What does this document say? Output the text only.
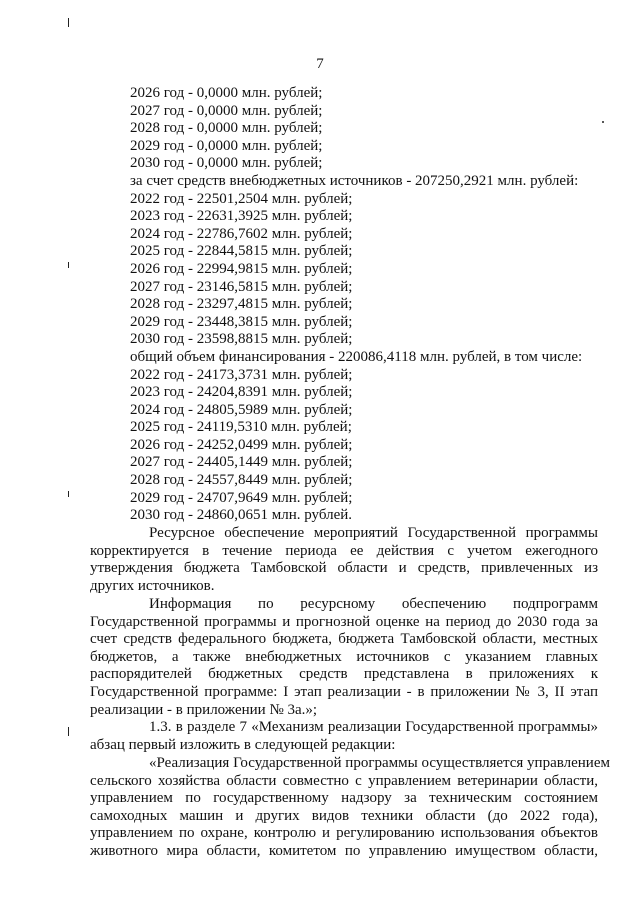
7
2026 год - 0,0000 млн. рублей;
2027 год - 0,0000 млн. рублей;
2028 год - 0,0000 млн. рублей;
2029 год - 0,0000 млн. рублей;
2030 год - 0,0000 млн. рублей;
за счет средств внебюджетных источников - 207250,2921 млн. рублей:
2022 год - 22501,2504 млн. рублей;
2023 год - 22631,3925 млн. рублей;
2024 год - 22786,7602 млн. рублей;
2025 год - 22844,5815 млн. рублей;
2026 год - 22994,9815 млн. рублей;
2027 год - 23146,5815 млн. рублей;
2028 год - 23297,4815 млн. рублей;
2029 год - 23448,3815 млн. рублей;
2030 год - 23598,8815 млн. рублей;
общий объем финансирования - 220086,4118 млн. рублей, в том числе:
2022 год - 24173,3731 млн. рублей;
2023 год - 24204,8391 млн. рублей;
2024 год - 24805,5989 млн. рублей;
2025 год - 24119,5310 млн. рублей;
2026 год - 24252,0499 млн. рублей;
2027 год - 24405,1449 млн. рублей;
2028 год - 24557,8449 млн. рублей;
2029 год - 24707,9649 млн. рублей;
2030 год - 24860,0651 млн. рублей.
Ресурсное обеспечение мероприятий Государственной программы
корректируется в течение периода ее действия с учетом ежегодного
утверждения бюджета Тамбовской области и средств, привлеченных из
других источников.
Информация по ресурсному обеспечению подпрограмм
Государственной программы и прогнозной оценке на период до 2030 года за
счет средств федерального бюджета, бюджета Тамбовской области, местных
бюджетов, а также внебюджетных источников с указанием главных
распорядителей бюджетных средств представлена в приложениях к
Государственной программе: I этап реализации - в приложении № 3, II этап
реализации - в приложении № 3а.»;
1.3. в разделе 7 «Механизм реализации Государственной программы»
абзац первый изложить в следующей редакции:
«Реализация Государственной программы осуществляется управлением
сельского хозяйства области совместно с управлением ветеринарии области,
управлением по государственному надзору за техническим состоянием
самоходных машин и других видов техники области (до 2022 года),
управлением по охране, контролю и регулированию использования объектов
животного мира области, комитетом по управлению имуществом области,
